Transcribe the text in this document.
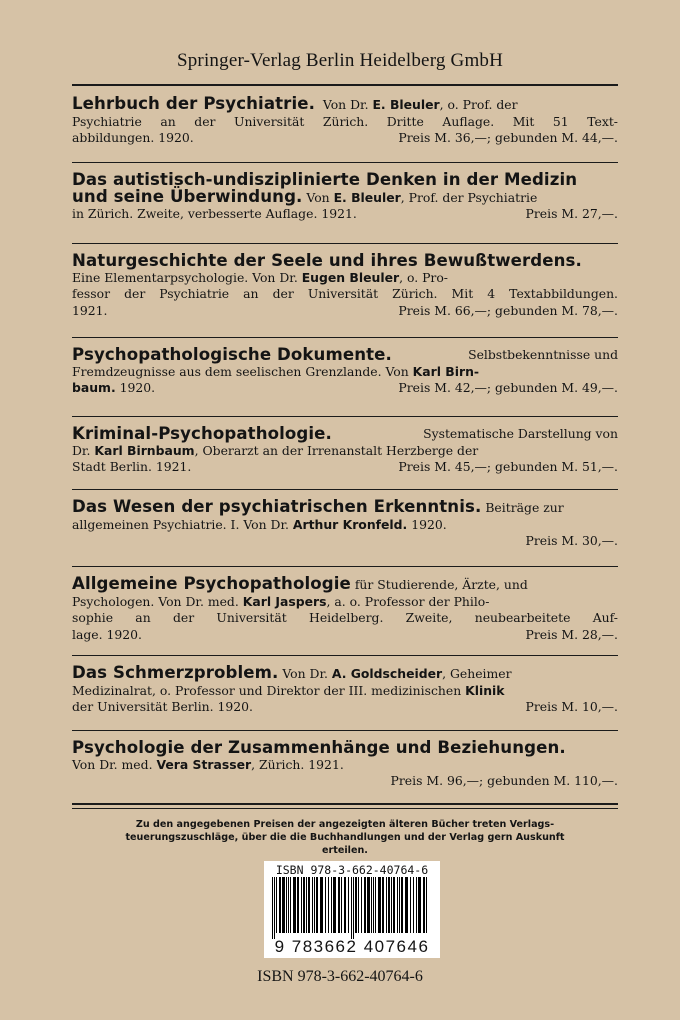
Springer-Verlag Berlin Heidelberg GmbH
Lehrbuch der Psychiatrie. Von Dr. E. Bleuler, o. Prof. der
Psychiatrie an der Universität Zürich. Dritte Auflage. Mit 51 Text-
abbildungen. 1920.	Preis M. 36,—; gebunden M. 44,—.
Das autistisch-undisziplinierte Denken in der Medizin
und seine Überwindung. Von E. Bleuler, Prof. der Psychiatrie
in Zürich. Zweite, verbesserte Auflage. 1921.	Preis M. 27,—.
Naturgeschichte der Seele und ihres Bewußtwerdens.
Eine Elementarpsychologie. Von Dr. Eugen Bleuler, o. Pro-
fessor der Psychiatrie an der Universität Zürich. Mit 4 Textabbildungen.
1921.	Preis M. 66,—; gebunden M. 78,—.
Psychopathologische Dokumente.	Selbstbekenntnisse und
Fremdzeugnisse aus dem seelischen Grenzlande. Von Karl Birn-
baum. 1920.	Preis M. 42,—; gebunden M. 49,—.
Kriminal-Psychopathologie.	Systematische Darstellung von
Dr. Karl Birnbaum, Oberarzt an der Irrenanstalt Herzberge der
Stadt Berlin. 1921.	Preis M. 45,—; gebunden M. 51,—.
Das Wesen der psychiatrischen Erkenntnis. Beiträge zur
allgemeinen Psychiatrie. I. Von Dr. Arthur Kronfeld. 1920.
Preis M. 30,—.
Allgemeine Psychopathologie für Studierende, Ärzte, und
Psychologen. Von Dr. med. Karl Jaspers, a. o. Professor der Philo-
sophie an der Universität Heidelberg. Zweite, neubearbeitete Auf-
lage. 1920.	Preis M. 28,—.
Das Schmerzproblem. Von Dr. A. Goldscheider, Geheimer
Medizinalrat, o. Professor und Direktor der III. medizinischen Klinik
der Universität Berlin. 1920.	Preis M. 10,—.
Psychologie der Zusammenhänge und Beziehungen.
Von Dr. med. Vera Strasser, Zürich. 1921.
Preis M. 96,—; gebunden M. 110,—.
Zu den angegebenen Preisen der angezeigten älteren Bücher treten Verlags-
teuerungszuschläge, über die die Buchhandlungen und der Verlag gern Auskunft
erteilen.
ISBN 978-3-662-40764-6
9 783662 407646
ISBN 978-3-662-40764-6
